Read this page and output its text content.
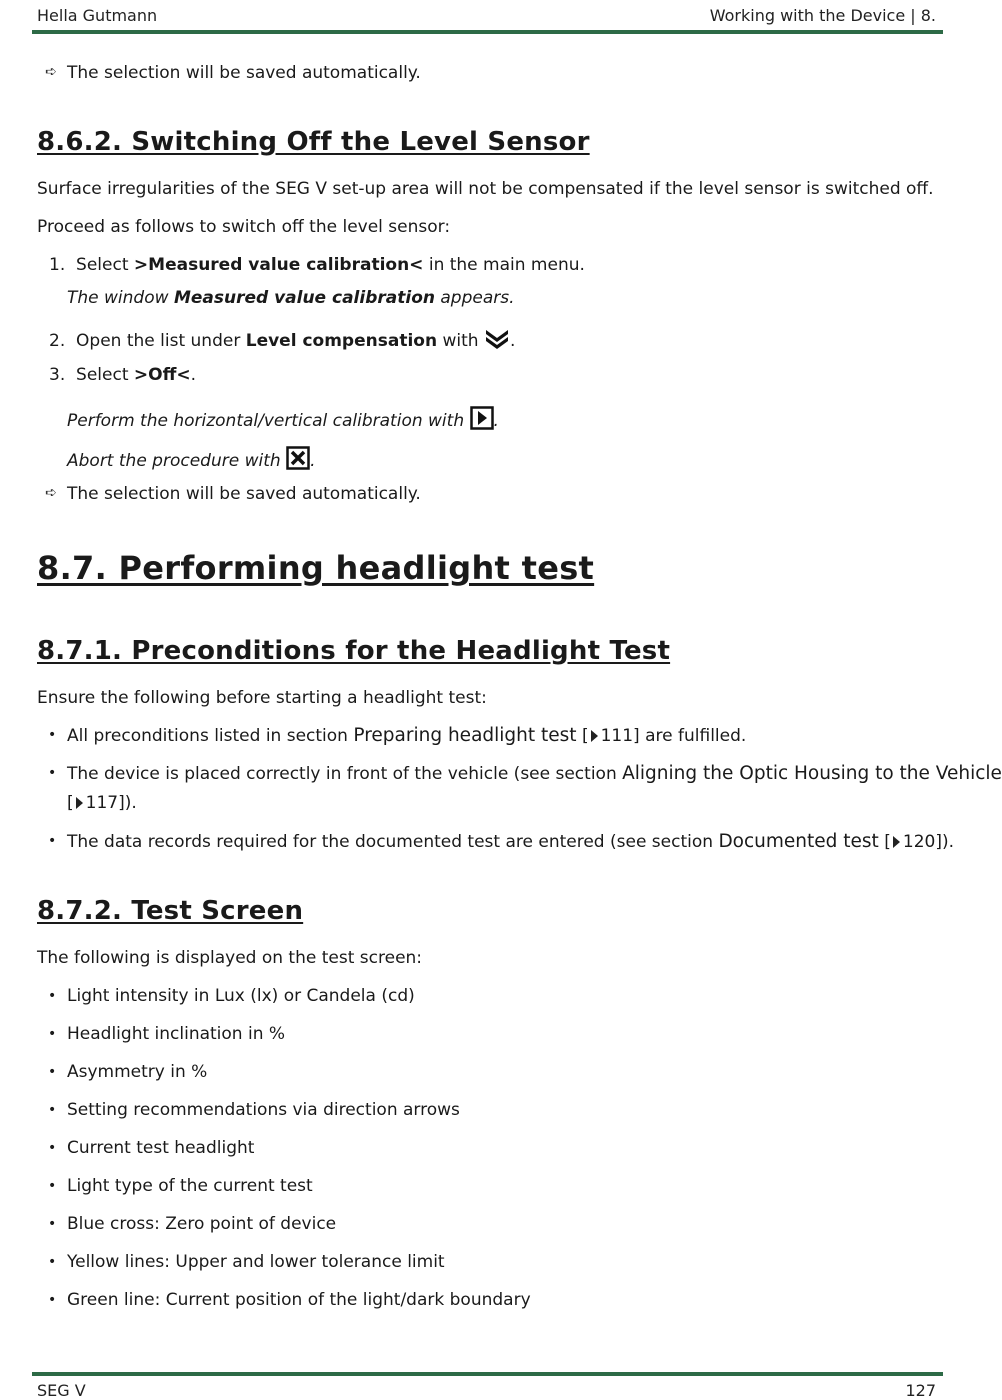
Hella Gutmann	Working with the Device | 8.
➪ The selection will be saved automatically.
8.6.2. Switching Off the Level Sensor
Surface irregularities of the SEG V set-up area will not be compensated if the level sensor is switched off.
Proceed as follows to switch off the level sensor:
1. Select >Measured value calibration< in the main menu.
The window Measured value calibration appears.
2. Open the list under Level compensation with .
3. Select >Off<.
Perform the horizontal/vertical calibration with .
Abort the procedure with .
➪ The selection will be saved automatically.
8.7. Performing headlight test
8.7.1. Preconditions for the Headlight Test
Ensure the following before starting a headlight test:
• All preconditions listed in section Preparing headlight test [ 111] are fulfilled.
• The device is placed correctly in front of the vehicle (see section Aligning the Optic Housing to the Vehicle
[ 117]).
• The data records required for the documented test are entered (see section Documented test [ 120]).
8.7.2. Test Screen
The following is displayed on the test screen:
• Light intensity in Lux (lx) or Candela (cd)
• Headlight inclination in %
• Asymmetry in %
• Setting recommendations via direction arrows
• Current test headlight
• Light type of the current test
• Blue cross: Zero point of device
• Yellow lines: Upper and lower tolerance limit
• Green line: Current position of the light/dark boundary
SEG V	127
